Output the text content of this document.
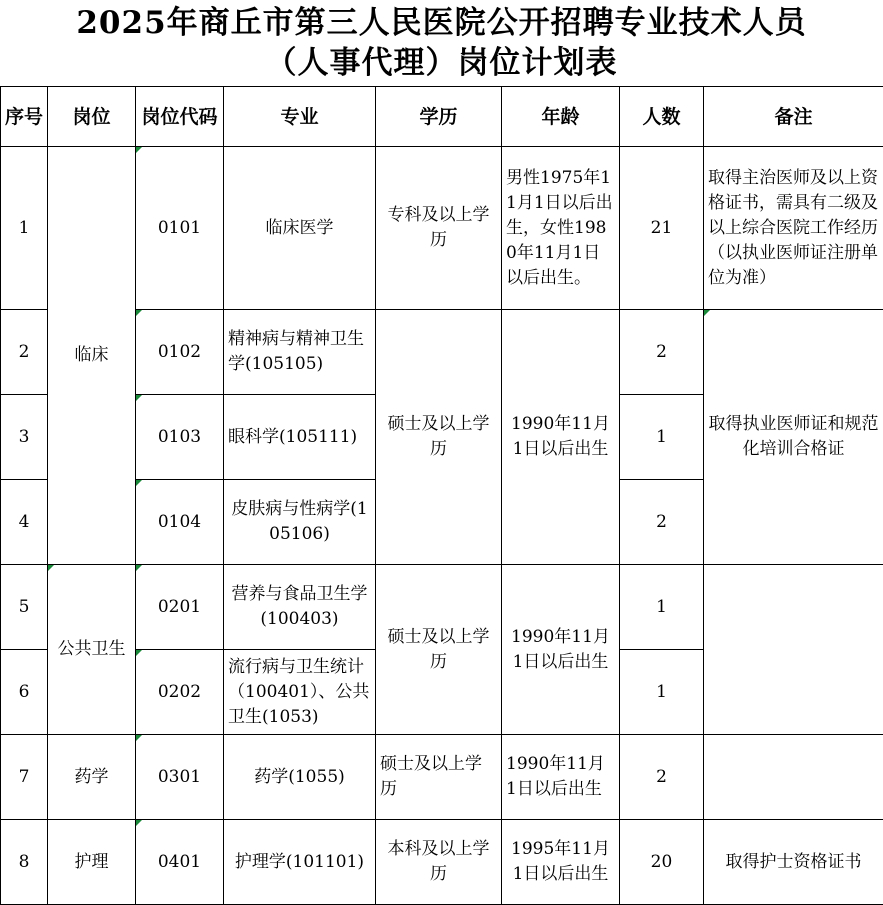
2025年商丘市第三人民医院公开招聘专业技术人员
（人事代理）岗位计划表
序号	岗位	岗位代码	专业	学历	年龄	人数	备注
1	临床	0101	临床医学	专科及以上学历	男性1975年11月1日以后出生，女性1980年11月1日以后出生。	21	取得主治医师及以上资格证书，需具有二级及以上综合医院工作经历（以执业医师证注册单位为准）
2		0102	精神病与精神卫生学(105105)	硕士及以上学历	1990年11月1日以后出生	2	取得执业医师证和规范化培训合格证
3		0103	眼科学(105111)			1	
4		0104	皮肤病与性病学(105106)			2	
5	公共卫生	0201	营养与食品卫生学(100403)	硕士及以上学历	1990年11月1日以后出生	1	
6		0202	流行病与卫生统计（100401）、公共卫生(1053)			1	
7	药学	0301	药学(1055)	硕士及以上学历	1990年11月1日以后出生	2	
8	护理	0401	护理学(101101)	本科及以上学历	1995年11月1日以后出生	20	取得护士资格证书
